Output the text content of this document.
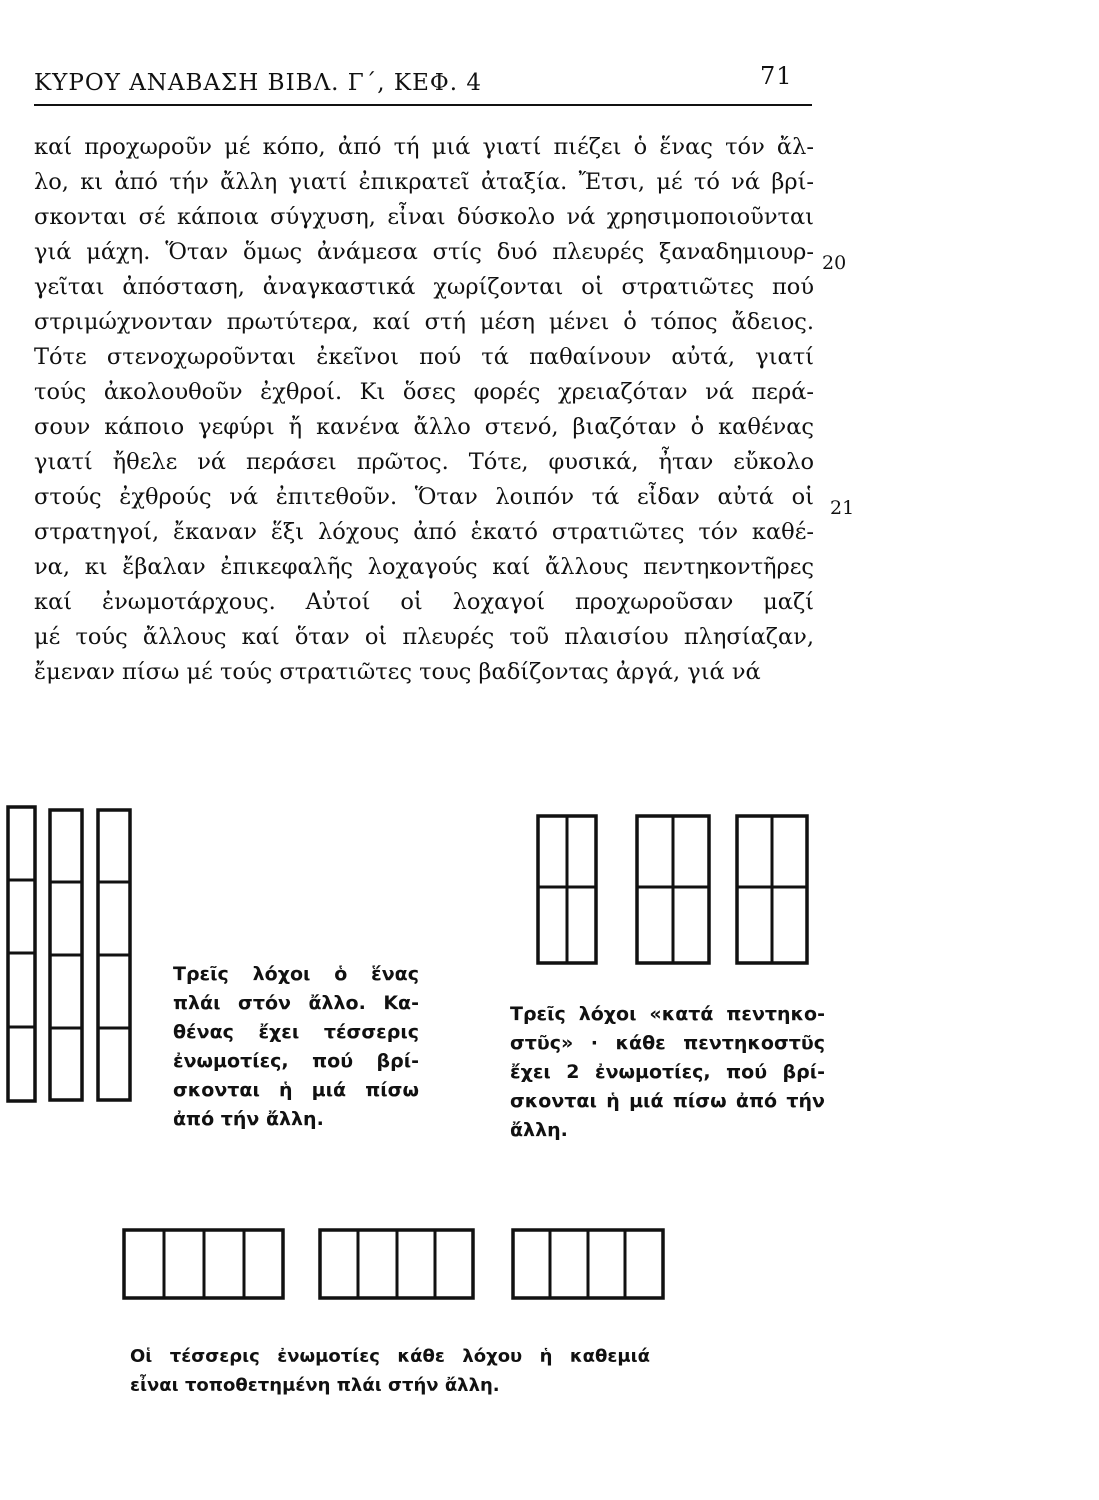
ΚΥΡΟΥ ΑΝΑΒΑΣΗ ΒΙΒΛ. Γ΄, ΚΕΦ. 4	71
καί προχωροῦν μέ κόπο, ἀπό τή μιά γιατί πιέζει ὁ ἕνας τόν ἄλ-
λο, κι ἀπό τήν ἄλλη γιατί ἐπικρατεῖ ἀταξία. Ἔτσι, μέ τό νά βρί-
σκονται σέ κάποια σύγχυση, εἶναι δύσκολο νά χρησιμοποιοῦνται
γιά μάχη. Ὅταν ὅμως ἀνάμεσα στίς δυό πλευρές ξαναδημιουρ-
γεῖται ἀπόσταση, ἀναγκαστικά χωρίζονται οἱ στρατιῶτες πού
στριμώχνονταν πρωτύτερα, καί στή μέση μένει ὁ τόπος ἄδειος.
Τότε στενοχωροῦνται ἐκεῖνοι πού τά παθαίνουν αὐτά, γιατί
τούς ἀκολουθοῦν ἐχθροί. Κι ὅσες φορές χρειαζόταν νά περά-
σουν κάποιο γεφύρι ἤ κανένα ἄλλο στενό, βιαζόταν ὁ καθένας
γιατί ἤθελε νά περάσει πρῶτος. Τότε, φυσικά, ἦταν εὔκολο
στούς ἐχθρούς νά ἐπιτεθοῦν. Ὅταν λοιπόν τά εἶδαν αὐτά οἱ
στρατηγοί, ἔκαναν ἕξι λόχους ἀπό ἑκατό στρατιῶτες τόν καθέ-
να, κι ἔβαλαν ἐπικεφαλῆς λοχαγούς καί ἄλλους πεντηκοντῆρες
καί ἐνωμοτάρχους. Αὐτοί οἱ λοχαγοί προχωροῦσαν μαζί
μέ τούς ἄλλους καί ὅταν οἱ πλευρές τοῦ πλαισίου πλησίαζαν,
ἔμεναν πίσω μέ τούς στρατιῶτες τους βαδίζοντας ἀργά, γιά νά
20
21
Τρεῖς λόχοι ὁ ἕνας
πλάι στόν ἄλλο. Κα-
θένας ἔχει τέσσερις
ἐνωμοτίες, πού βρί-
σκονται ἡ μιά πίσω
ἀπό τήν ἄλλη.
Τρεῖς λόχοι «κατά πεντηκο-
στῦς» · κάθε πεντηκοστῦς
ἔχει 2 ἐνωμοτίες, πού βρί-
σκονται ἡ μιά πίσω ἀπό τήν
ἄλλη.
Οἱ τέσσερις ἐνωμοτίες κάθε λόχου ἡ καθεμιά
εἶναι τοποθετημένη πλάι στήν ἄλλη.
